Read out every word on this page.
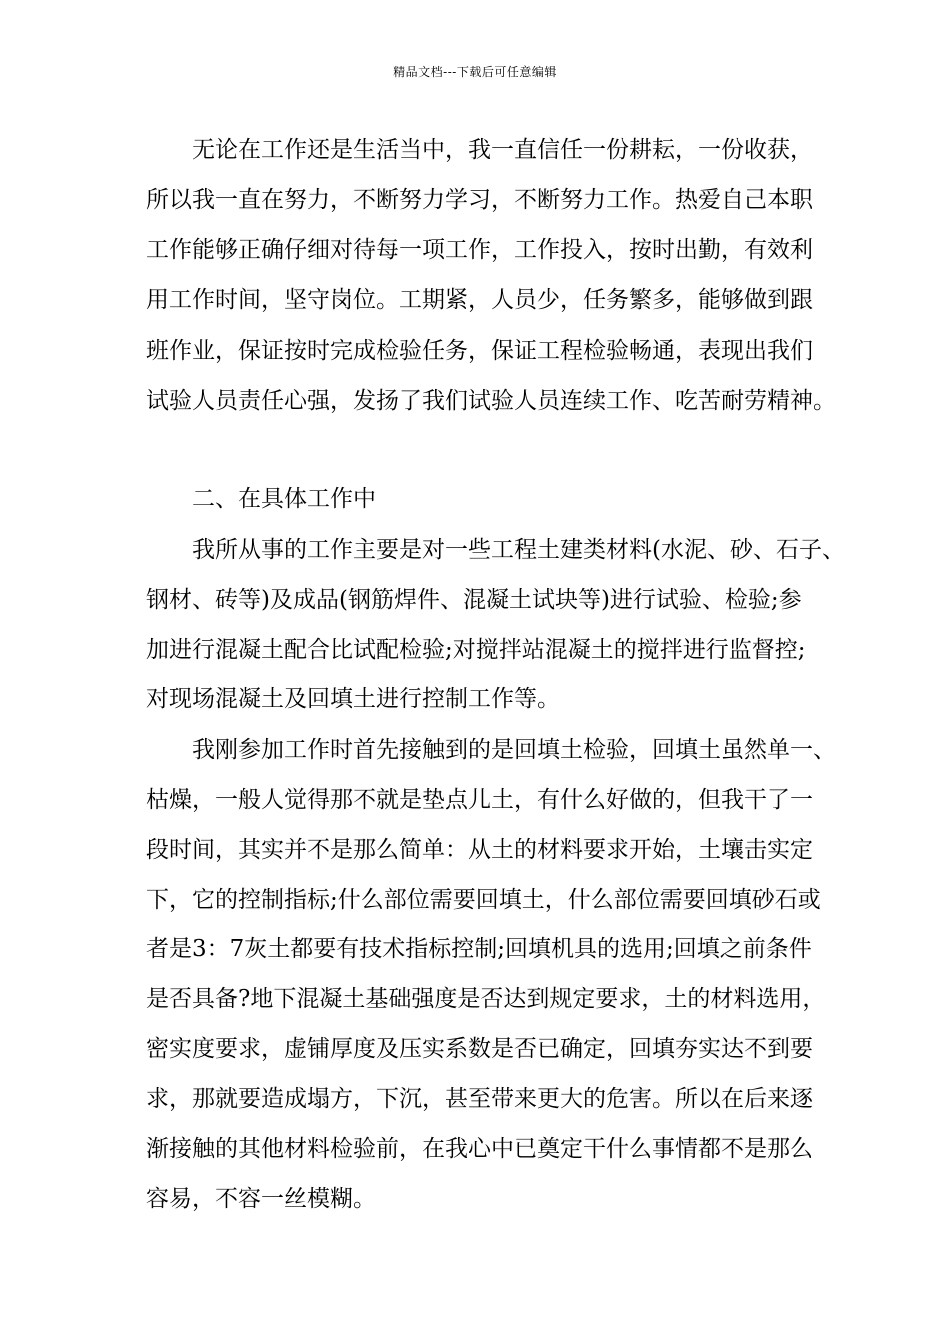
精品文档---下载后可任意编辑
无论在工作还是生活当中，我一直信任一份耕耘，一份收获，
所以我一直在努力，不断努力学习，不断努力工作。热爱自己本职
工作能够正确仔细对待每一项工作，工作投入，按时出勤，有效利
用工作时间，坚守岗位。工期紧，人员少，任务繁多，能够做到跟
班作业，保证按时完成检验任务，保证工程检验畅通，表现出我们
试验人员责任心强，发扬了我们试验人员连续工作、吃苦耐劳精神。
二、在具体工作中
我所从事的工作主要是对一些工程土建类材料(水泥、砂、石子、
钢材、砖等)及成品(钢筋焊件、混凝土试块等)进行试验、检验;参
加进行混凝土配合比试配检验;对搅拌站混凝土的搅拌进行监督控;
对现场混凝土及回填土进行控制工作等。
我刚参加工作时首先接触到的是回填土检验，回填土虽然单一、
枯燥，一般人觉得那不就是垫点儿土，有什么好做的，但我干了一
段时间，其实并不是那么简单：从土的材料要求开始，土壤击实定
下，它的控制指标;什么部位需要回填土，什么部位需要回填砂石或
者是3：7灰土都要有技术指标控制;回填机具的选用;回填之前条件
是否具备?地下混凝土基础强度是否达到规定要求，土的材料选用，
密实度要求，虚铺厚度及压实系数是否已确定，回填夯实达不到要
求，那就要造成塌方，下沉，甚至带来更大的危害。所以在后来逐
渐接触的其他材料检验前，在我心中已奠定干什么事情都不是那么
容易，不容一丝模糊。
